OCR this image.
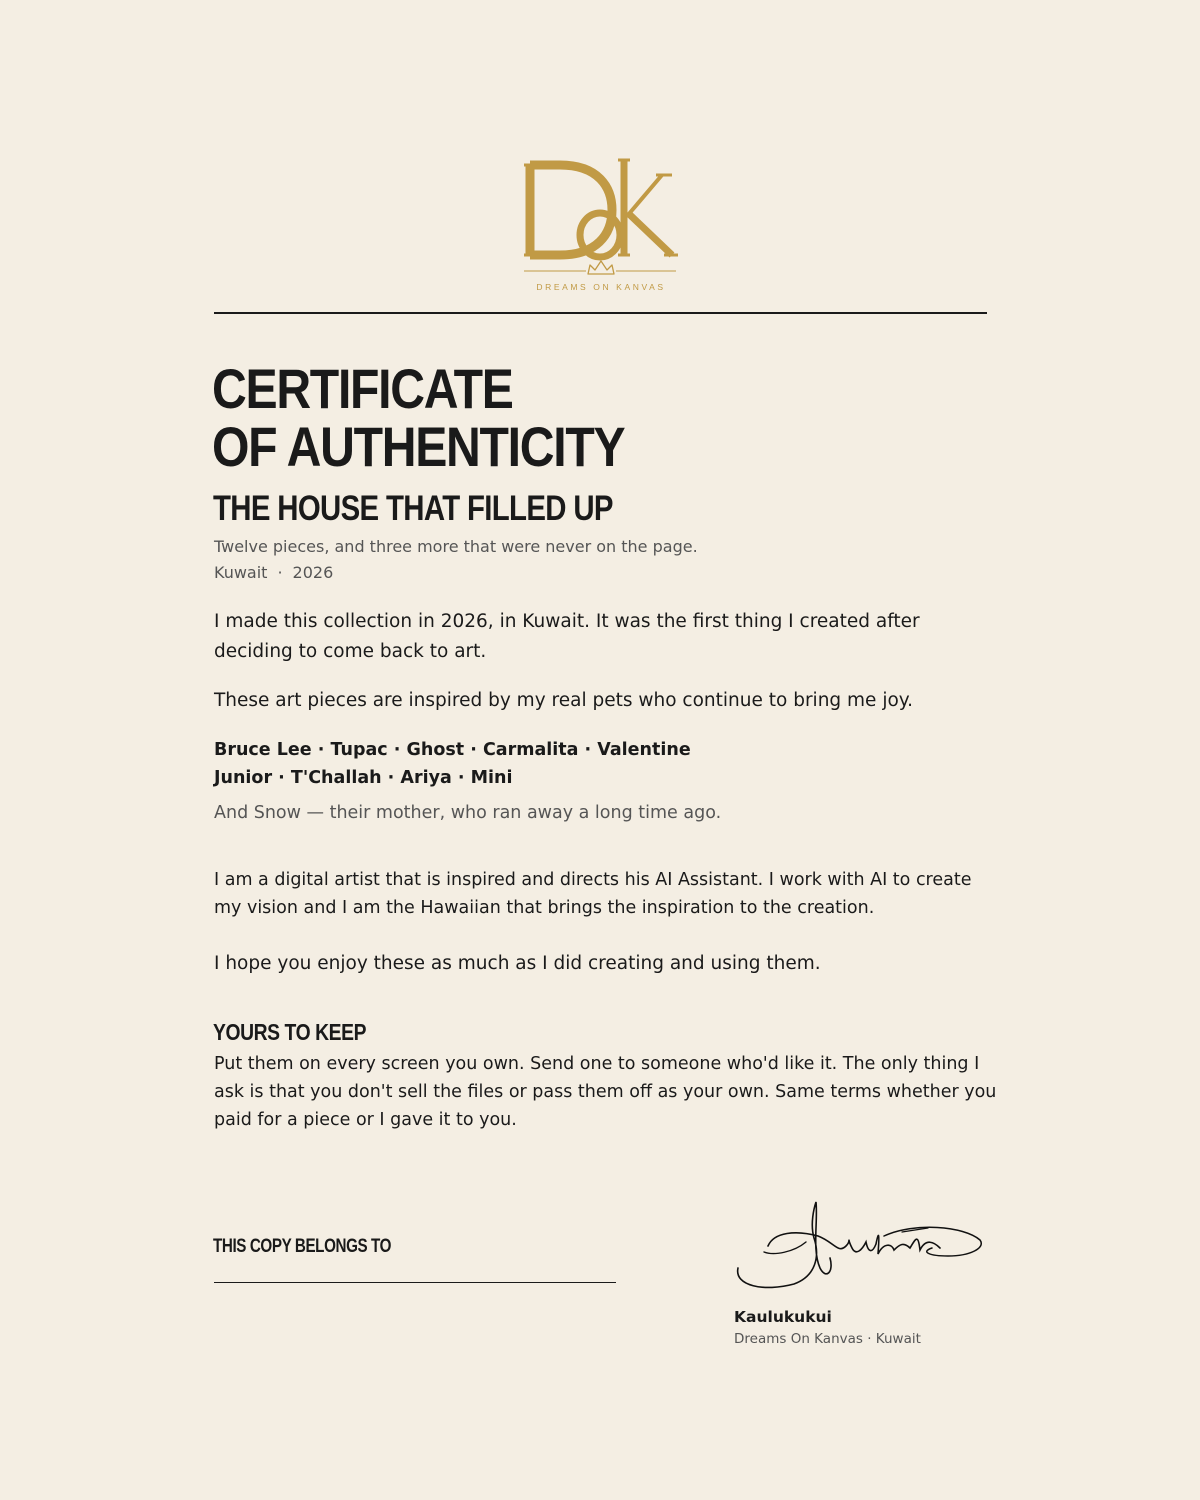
DREAMS ON KANVAS
CERTIFICATE
OF AUTHENTICITY
THE HOUSE THAT FILLED UP
Twelve pieces, and three more that were never on the page.
Kuwait · 2026

I made this collection in 2026, in Kuwait. It was the first thing I created after deciding to come back to art.

These art pieces are inspired by my real pets who continue to bring me joy.

Bruce Lee · Tupac · Ghost · Carmalita · Valentine
Junior · T'Challah · Ariya · Mini

And Snow — their mother, who ran away a long time ago.

I am a digital artist that is inspired and directs his AI Assistant. I work with AI to create my vision and I am the Hawaiian that brings the inspiration to the creation.

I hope you enjoy these as much as I did creating and using them.

YOURS TO KEEP

Put them on every screen you own. Send one to someone who'd like it. The only thing I ask is that you don't sell the files or pass them off as your own. Same terms whether you paid for a piece or I gave it to you.

THIS COPY BELONGS TO
Kaulukukui
Dreams On Kanvas · Kuwait
